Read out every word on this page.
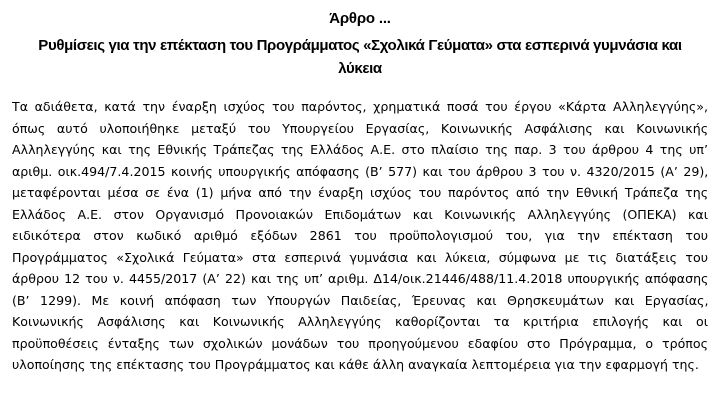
Άρθρο ...
Ρυθμίσεις για την επέκταση του Προγράμματος «Σχολικά Γεύματα» στα εσπερινά γυμνάσια και
λύκεια

Τα αδιάθετα, κατά την έναρξη ισχύος του παρόντος, χρηματικά ποσά του έργου «Κάρτα Αλληλεγγύης»,
όπως αυτό υλοποιήθηκε μεταξύ του Υπουργείου Εργασίας, Κοινωνικής Ασφάλισης και Κοινωνικής
Αλληλεγγύης και της Εθνικής Τράπεζας της Ελλάδος Α.Ε. στο πλαίσιο της παρ. 3 του άρθρου 4 της υπ’
αριθμ. οικ.494/7.4.2015 κοινής υπουργικής απόφασης (Β’ 577) και του άρθρου 3 του ν. 4320/2015 (Α’ 29),
μεταφέρονται μέσα σε ένα (1) μήνα από την έναρξη ισχύος του παρόντος από την Εθνική Τράπεζα της
Ελλάδος Α.Ε. στον Οργανισμό Προνοιακών Επιδομάτων και Κοινωνικής Αλληλεγγύης (ΟΠΕΚΑ) και
ειδικότερα στον κωδικό αριθμό εξόδων 2861 του προϋπολογισμού του, για την επέκταση του
Προγράμματος «Σχολικά Γεύματα» στα εσπερινά γυμνάσια και λύκεια, σύμφωνα με τις διατάξεις του
άρθρου 12 του ν. 4455/2017 (Α’ 22) και της υπ’ αριθμ. Δ14/οικ.21446/488/11.4.2018 υπουργικής απόφασης
(Β’ 1299). Με κοινή απόφαση των Υπουργών Παιδείας, Έρευνας και Θρησκευμάτων και Εργασίας,
Κοινωνικής Ασφάλισης και Κοινωνικής Αλληλεγγύης καθορίζονται τα κριτήρια επιλογής και οι
προϋποθέσεις ένταξης των σχολικών μονάδων του προηγούμενου εδαφίου στο Πρόγραμμα, ο τρόπος
υλοποίησης της επέκτασης του Προγράμματος και κάθε άλλη αναγκαία λεπτομέρεια για την εφαρμογή της.
